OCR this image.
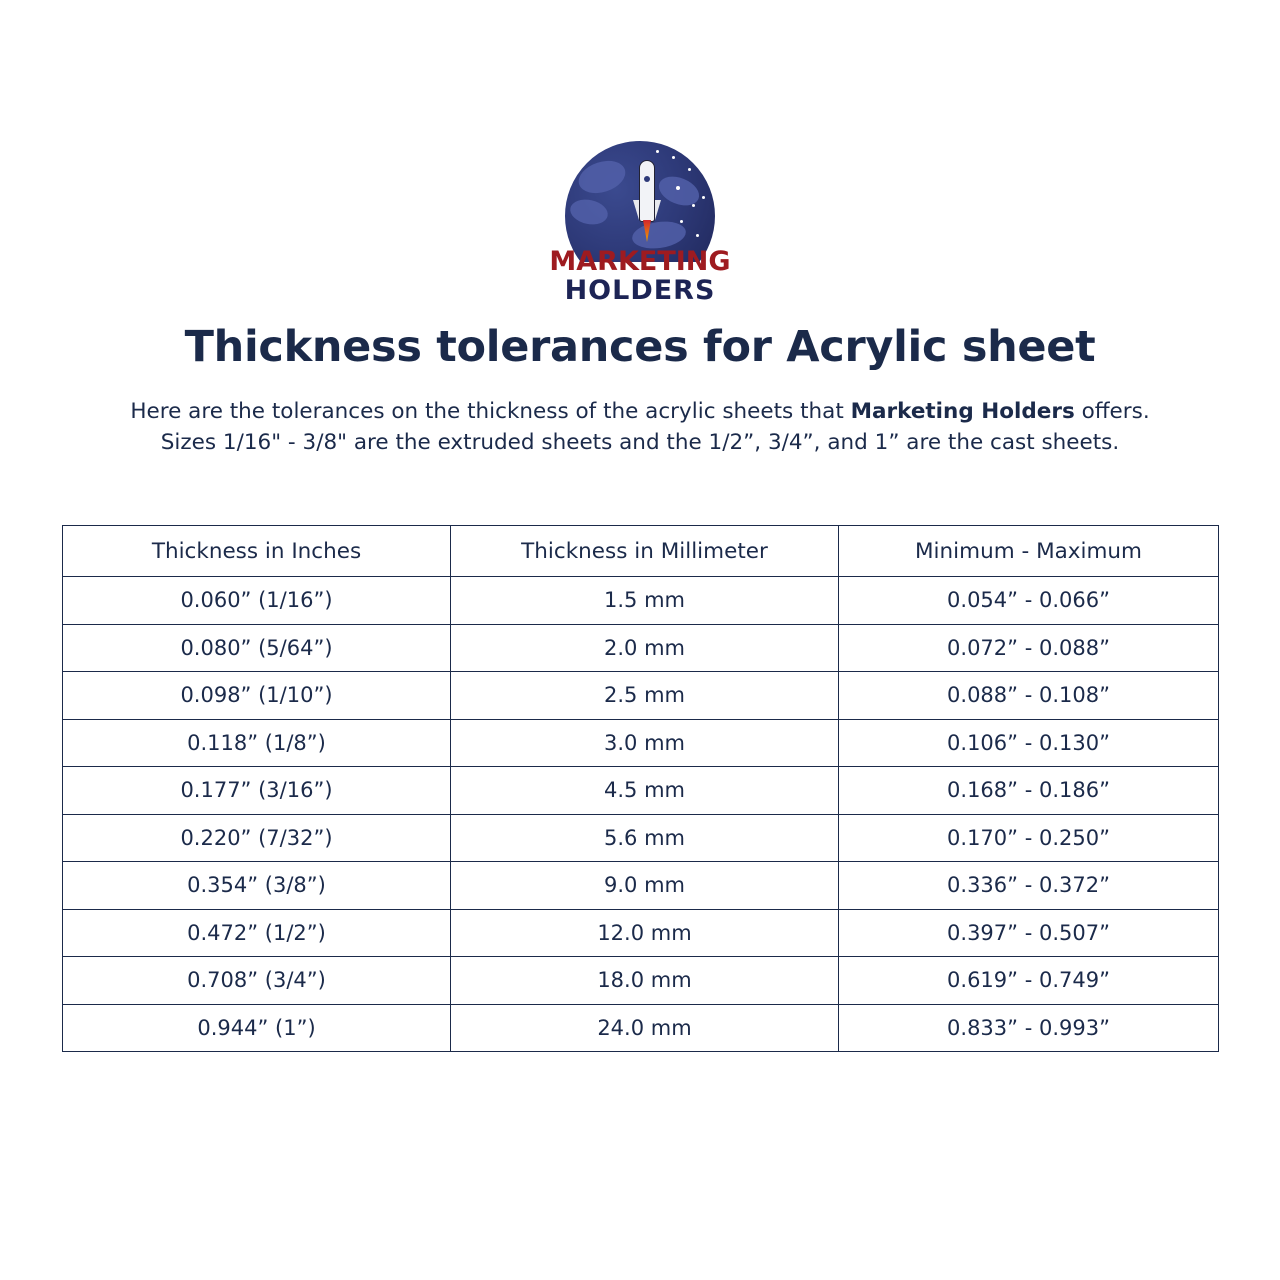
MARKETING
HOLDERS
Thickness tolerances for Acrylic sheet
Here are the tolerances on the thickness of the acrylic sheets that Marketing Holders offers.
Sizes 1/16" - 3/8" are the extruded sheets and the 1/2”, 3/4”, and 1” are the cast sheets.
Thickness in Inches	Thickness in Millimeter	Minimum - Maximum
0.060” (1/16”)	1.5 mm	0.054” - 0.066”
0.080” (5/64”)	2.0 mm	0.072” - 0.088”
0.098” (1/10”)	2.5 mm	0.088” - 0.108”
0.118” (1/8”)	3.0 mm	0.106” - 0.130”
0.177” (3/16”)	4.5 mm	0.168” - 0.186”
0.220” (7/32”)	5.6 mm	0.170” - 0.250”
0.354” (3/8”)	9.0 mm	0.336” - 0.372”
0.472” (1/2”)	12.0 mm	0.397” - 0.507”
0.708” (3/4”)	18.0 mm	0.619” - 0.749”
0.944” (1”)	24.0 mm	0.833” - 0.993”
